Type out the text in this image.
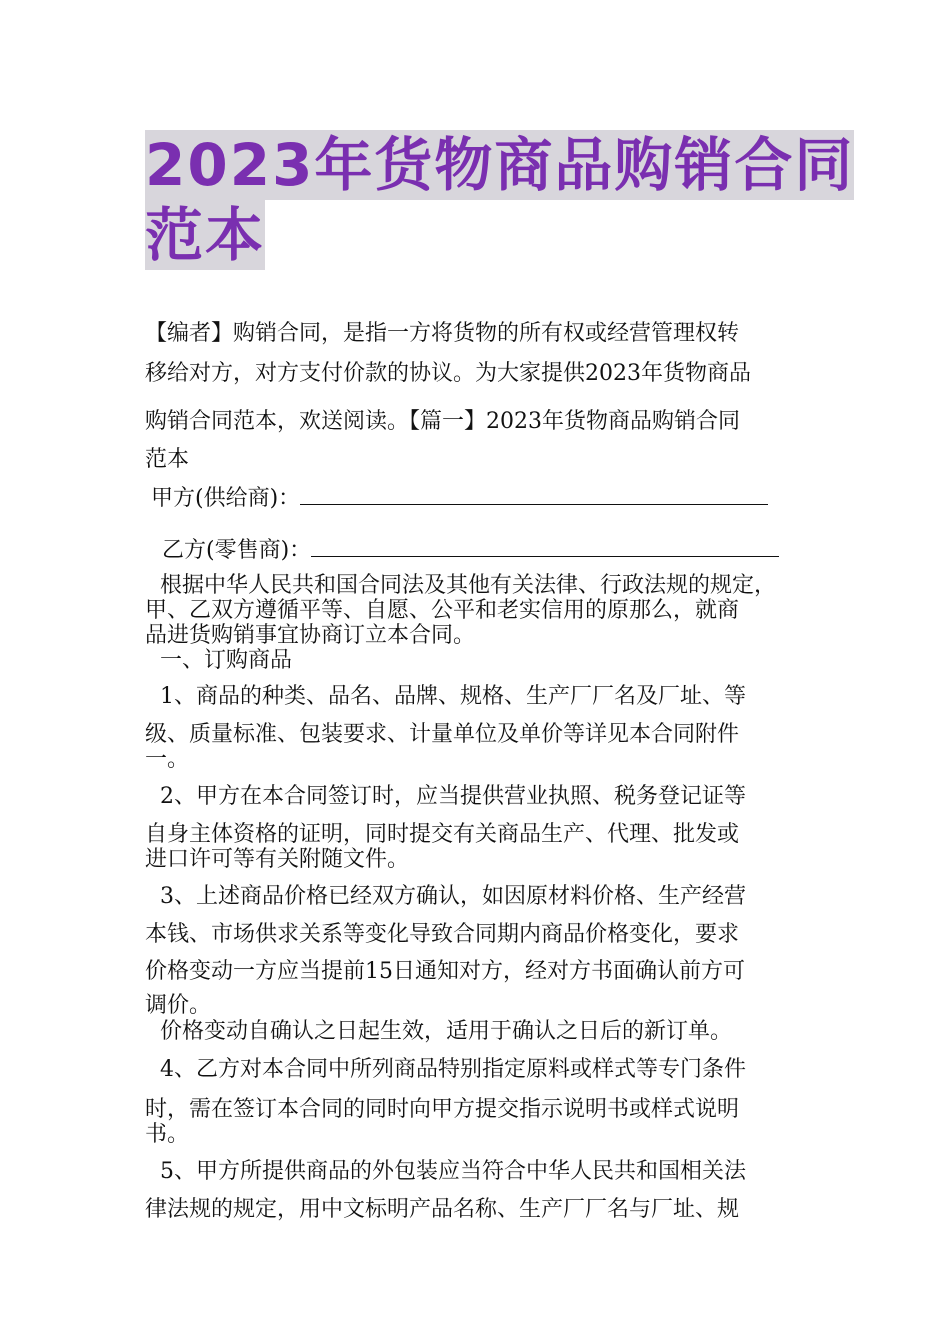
2023年货物商品购销合同
范本
【编者】购销合同，是指一方将货物的所有权或经营管理权转
移给对方，对方支付价款的协议。为大家提供2023年货物商品
购销合同范本，欢送阅读。【篇一】2023年货物商品购销合同
范本
甲方(供给商)：
乙方(零售商)：
根据中华人民共和国合同法及其他有关法律、行政法规的规定，
甲、乙双方遵循平等、自愿、公平和老实信用的原那么，就商
品进货购销事宜协商订立本合同。
一、订购商品
1、商品的种类、品名、品牌、规格、生产厂厂名及厂址、等
级、质量标准、包装要求、计量单位及单价等详见本合同附件
一。
2、甲方在本合同签订时，应当提供营业执照、税务登记证等
自身主体资格的证明，同时提交有关商品生产、代理、批发或
进口许可等有关附随文件。
3、上述商品价格已经双方确认，如因原材料价格、生产经营
本钱、市场供求关系等变化导致合同期内商品价格变化，要求
价格变动一方应当提前15日通知对方，经对方书面确认前方可
调价。
价格变动自确认之日起生效，适用于确认之日后的新订单。
4、乙方对本合同中所列商品特别指定原料或样式等专门条件
时，需在签订本合同的同时向甲方提交指示说明书或样式说明
书。
5、甲方所提供商品的外包装应当符合中华人民共和国相关法
律法规的规定，用中文标明产品名称、生产厂厂名与厂址、规
